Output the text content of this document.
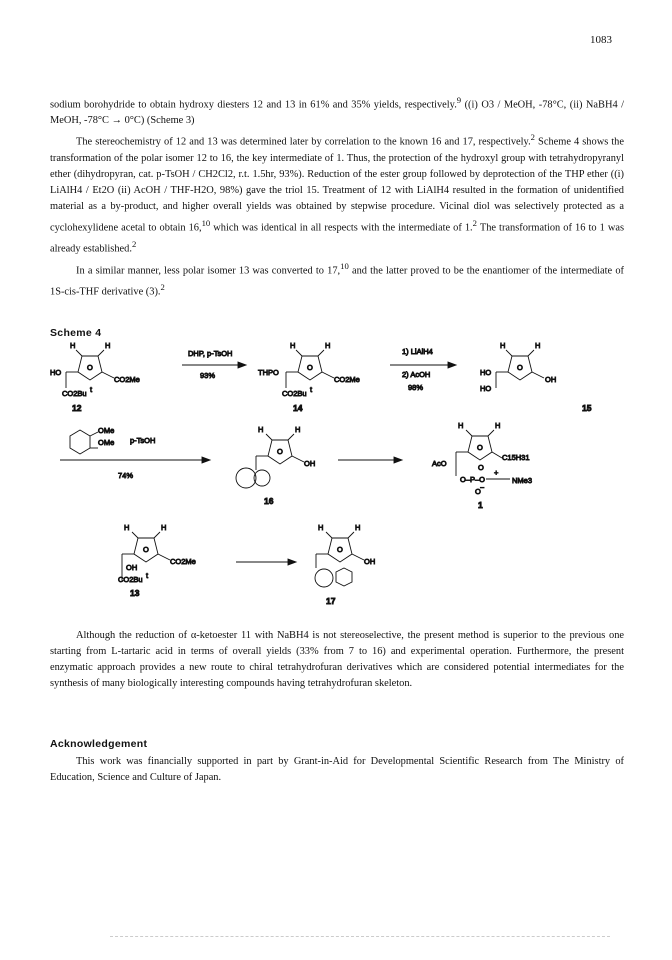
1083

sodium borohydride to obtain hydroxy diesters 12 and 13 in 61% and 35% yields, respectively.$^9$ ((i) O3 / MeOH, -78°C, (ii) NaBH4 / MeOH, -78°C → 0°C) (Scheme 3)

The stereochemistry of 12 and 13 was determined later by correlation to the known 16 and 17, respectively.$^2$ Scheme 4 shows the transformation of the polar isomer 12 to 16, the key intermediate of 1. Thus, the protection of the hydroxyl group with tetrahydropyranyl ether (dihydropyran, cat. p-TsOH / CH2Cl2, r.t. 1.5hr, 93%). Reduction of the ester group followed by deprotection of the THP ether ((i) LiAlH4 / Et2O (ii) AcOH / THF-H2O, 98%) gave the triol 15. Treatment of 12 with LiAlH4 resulted in the formation of unidentified material as a by-product, and higher overall yields was obtained by stepwise procedure. Vicinal diol was selectively protected as a cyclohexylidene acetal to obtain 16,10 which was identical in all respects with the intermediate of 1.$^2$ The transformation of 16 to 1 was already established.$^2$

In a similar manner, less polar isomer 13 was converted to 17,10 and the latter proved to be the enantiomer of the intermediate of 1S-cis-THF derivative (3).$^2$

Scheme 4
H	H
HO
O
CO2Me
CO2Bu t
12
DHP, p-TsOH
93%
H	H
THPO
O
CO2Me
CO2Bu t
14
1) LiAlH4
2) AcOH
98%
H	H
HO
HO
O
OH
15
OMe
OMe p-TsOH
74%
H	H
O
OH
16
H	H
O
C15H31
AcO	O
+
O–P–O	NMe3
O −
1
H	H
O
OH
CO2Me
CO2Bu t
13
H	H
O
OH
17

Although the reduction of α-ketoester 11 with NaBH4 is not stereoselective, the present method is superior to the previous one starting from L-tartaric acid in terms of overall yields (33% from 7 to 16) and experimental operation. Furthermore, the present enzymatic approach provides a new route to chiral tetrahydrofuran derivatives which are considered potential intermediates for the synthesis of many biologically interesting compounds having tetrahydrofuran skeleton.

Acknowledgement

This work was financially supported in part by Grant-in-Aid for Developmental Scientific Research from The Ministry of Education, Science and Culture of Japan.
